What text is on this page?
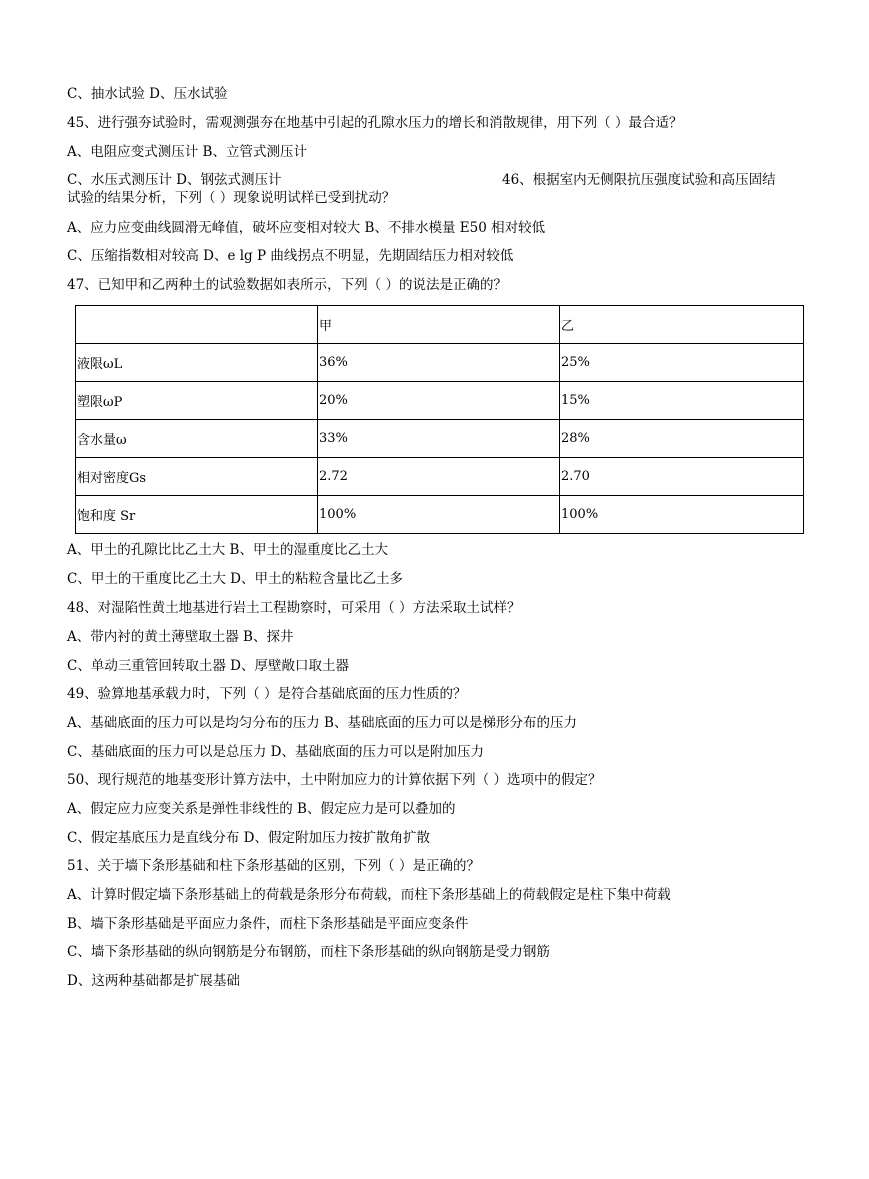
C、抽水试验 D、压水试验
45、进行强夯试验时，需观测强夯在地基中引起的孔隙水压力的增长和消散规律，用下列（ ）最合适？
A、电阻应变式测压计 B、立管式测压计
C、水压式测压计 D、钢弦式测压计	46、根据室内无侧限抗压强度试验和高压固结
试验的结果分析，下列（ ）现象说明试样已受到扰动？
A、应力应变曲线圆滑无峰值，破坏应变相对较大 B、不排水模量 E50 相对较低
C、压缩指数相对较高 D、e lg P 曲线拐点不明显，先期固结压力相对较低
47、已知甲和乙两种土的试验数据如表所示，下列（ ）的说法是正确的？
	甲	乙
液限ωL	36%	25%
塑限ωP	20%	15%
含水量ω	33%	28%
相对密度Gs	2.72	2.70
饱和度 Sr	100%	100%
A、甲土的孔隙比比乙土大 B、甲土的湿重度比乙土大
C、甲土的干重度比乙土大 D、甲土的粘粒含量比乙土多
48、对湿陷性黄土地基进行岩土工程勘察时，可采用（ ）方法采取土试样？
A、带内衬的黄土薄壁取土器 B、探井
C、单动三重管回转取土器 D、厚壁敞口取土器
49、验算地基承载力时，下列（ ）是符合基础底面的压力性质的？
A、基础底面的压力可以是均匀分布的压力 B、基础底面的压力可以是梯形分布的压力
C、基础底面的压力可以是总压力 D、基础底面的压力可以是附加压力
50、现行规范的地基变形计算方法中，土中附加应力的计算依据下列（ ）选项中的假定？
A、假定应力应变关系是弹性非线性的 B、假定应力是可以叠加的
C、假定基底压力是直线分布 D、假定附加压力按扩散角扩散
51、关于墙下条形基础和柱下条形基础的区别，下列（ ）是正确的？
A、计算时假定墙下条形基础上的荷载是条形分布荷载，而柱下条形基础上的荷载假定是柱下集中荷载
B、墙下条形基础是平面应力条件，而柱下条形基础是平面应变条件
C、墙下条形基础的纵向钢筋是分布钢筋，而柱下条形基础的纵向钢筋是受力钢筋
D、这两种基础都是扩展基础
